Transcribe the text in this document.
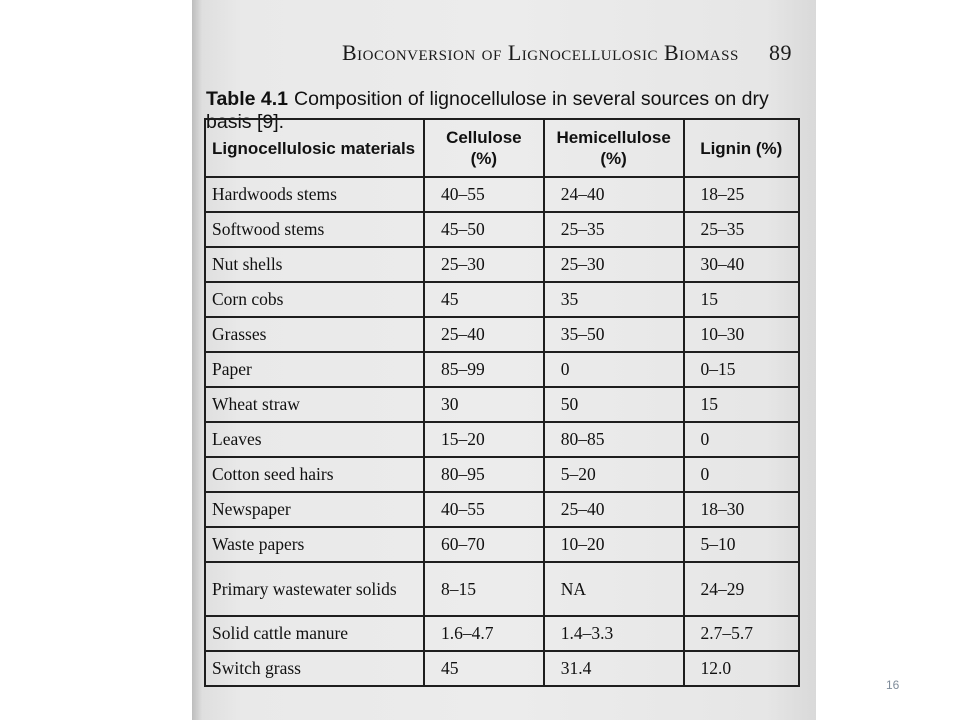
Bioconversion of Lignocellulosic Biomass 89
Table 4.1 Composition of lignocellulose in several sources on dry basis [9].
Lignocellulosic materials	Cellulose (%)	Hemicellulose (%)	Lignin (%)
Hardwoods stems	40–55	24–40	18–25
Softwood stems	45–50	25–35	25–35
Nut shells	25–30	25–30	30–40
Corn cobs	45	35	15
Grasses	25–40	35–50	10–30
Paper	85–99	0	0–15
Wheat straw	30	50	15
Leaves	15–20	80–85	0
Cotton seed hairs	80–95	5–20	0
Newspaper	40–55	25–40	18–30
Waste papers	60–70	10–20	5–10
Primary wastewater solids	8–15	NA	24–29
Solid cattle manure	1.6–4.7	1.4–3.3	2.7–5.7
Switch grass	45	31.4	12.0
16
